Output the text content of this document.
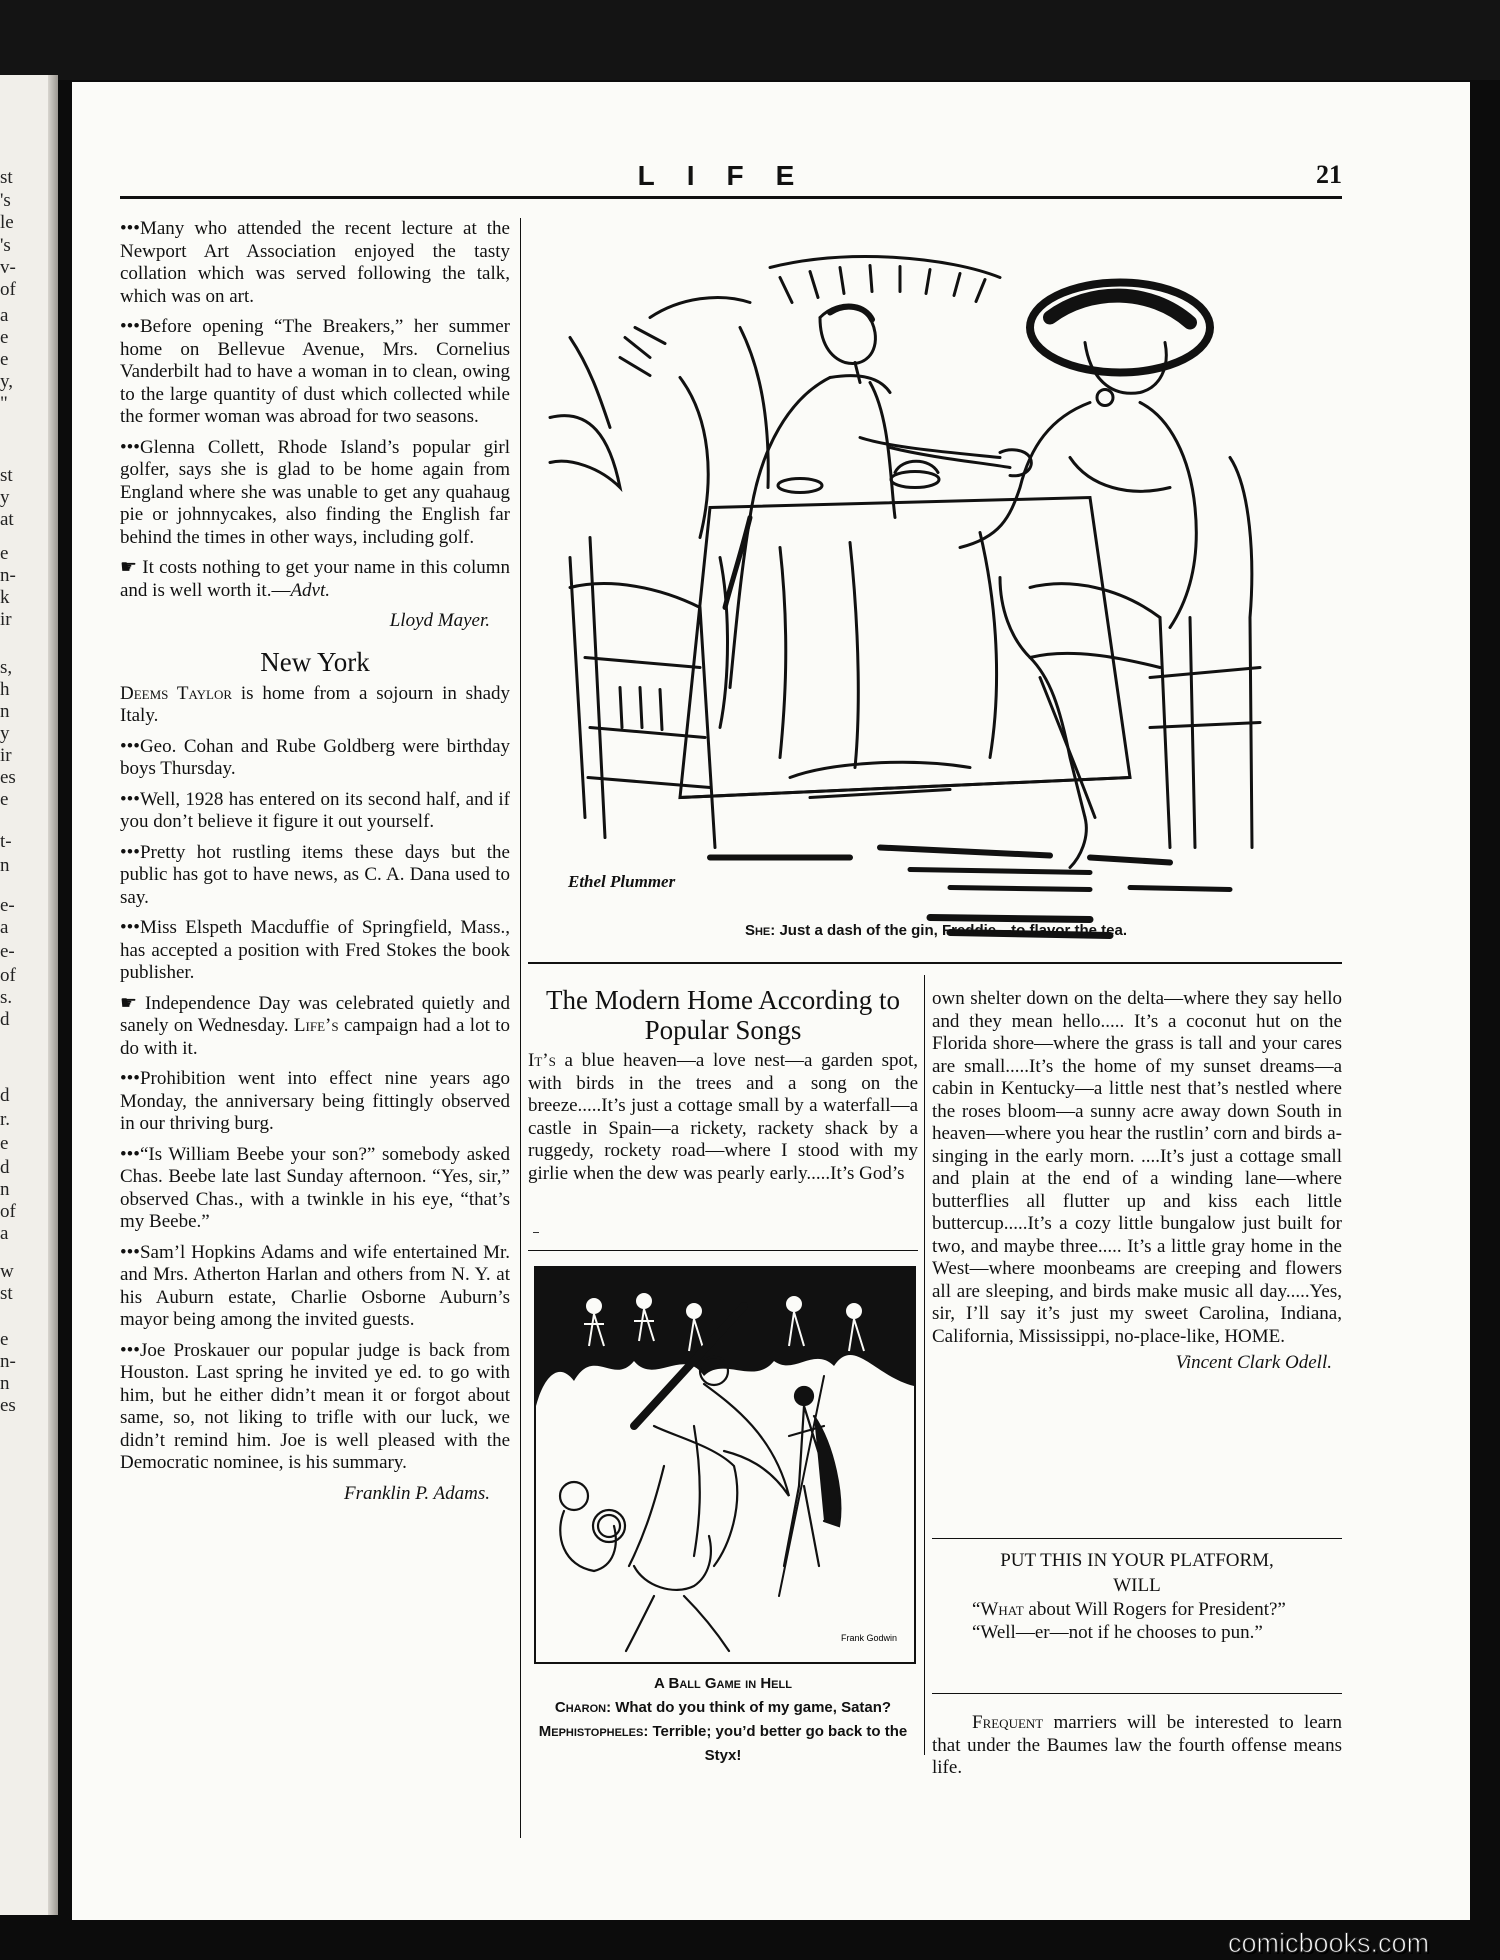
st
's
le
's
v-
of
a
e
e
y,
"
st
y
at
e
n-
k
ir
s,
h
n
y
ir
es
e
t-
n
e-
a
e-
of
s.
d
d
r.
e
d
n
of
a
w
st
e
n-
n
es
LIFE	21

•••Many who attended the recent lecture at the Newport Art Association enjoyed the tasty collation which was served following the talk, which was on art.

•••Before opening “The Breakers,” her summer home on Bellevue Avenue, Mrs. Cornelius Vanderbilt had to have a woman in to clean, owing to the large quantity of dust which collected while the former woman was abroad for two seasons.

•••Glenna Collett, Rhode Island’s popular girl golfer, says she is glad to be home again from England where she was unable to get any quahaug pie or johnnycakes, also finding the English far behind the times in other ways, including golf.

☛ It costs nothing to get your name in this column and is well worth it.—Advt.

Lloyd Mayer.
New York

Deems Taylor is home from a sojourn in shady Italy.

•••Geo. Cohan and Rube Goldberg were birthday boys Thursday.

•••Well, 1928 has entered on its second half, and if you don’t believe it figure it out yourself.

•••Pretty hot rustling items these days but the public has got to have news, as C. A. Dana used to say.

•••Miss Elspeth Macduffie of Springfield, Mass., has accepted a position with Fred Stokes the book publisher.

☛ Independence Day was celebrated quietly and sanely on Wednesday. Life’s campaign had a lot to do with it.

•••Prohibition went into effect nine years ago Monday, the anniversary being fittingly observed in our thriving burg.

•••“Is William Beebe your son?” somebody asked Chas. Beebe late last Sunday afternoon. “Yes, sir,” observed Chas., with a twinkle in his eye, “that’s my Beebe.”

•••Sam’l Hopkins Adams and wife entertained Mr. and Mrs. Atherton Harlan and others from N. Y. at his Auburn estate, Charlie Osborne Auburn’s mayor being among the invited guests.

•••Joe Proskauer our popular judge is back from Houston. Last spring he invited ye ed. to go with him, but he either didn’t mean it or forgot about same, so, not liking to trifle with our luck, we didn’t remind him. Joe is well pleased with the Democratic nominee, is his summary.

Franklin P. Adams.
Ethel Plummer
She: Just a dash of the gin, Freddie—to flavor the tea.
The Modern Home According to Popular Songs

It’s a blue heaven—a love nest—a garden spot, with birds in the trees and a song on the breeze.....It’s just a cottage small by a waterfall—a castle in Spain—a rickety, rackety shack by a ruggedy, rockety road—where I stood with my girlie when the dew was pearly early.....It’s God’s

own shelter down on the delta—where they say hello and they mean hello..... It’s a coconut hut on the Florida shore—where the grass is tall and your cares are small.....It’s the home of my sunset dreams—a cabin in Kentucky—a little nest that’s nestled where the roses bloom—a sunny acre away down South in heaven—where you hear the rustlin’ corn and birds a-singing in the early morn. ....It’s just a cottage small and plain at the end of a winding lane—where butterflies all flutter up and kiss each little buttercup.....It’s a cozy little bungalow just built for two, and maybe three..... It’s a little gray home in the West—where moonbeams are creeping and flowers all are sleeping, and birds make music all day.....Yes, sir, I’ll say it’s just my sweet Carolina, Indiana, California, Mississippi, no-place-like, HOME.

Vincent Clark Odell.
Frank Godwin
A Ball Game in Hell
Charon: What do you think of my game, Satan?
Mephistopheles: Terrible; you’d better go back to the Styx!
PUT THIS IN YOUR PLATFORM,
WILL

“What about Will Rogers for President?”

“Well—er—not if he chooses to pun.”

Frequent marriers will be interested to learn that under the Baumes law the fourth offense means life.

comicbooks.com
